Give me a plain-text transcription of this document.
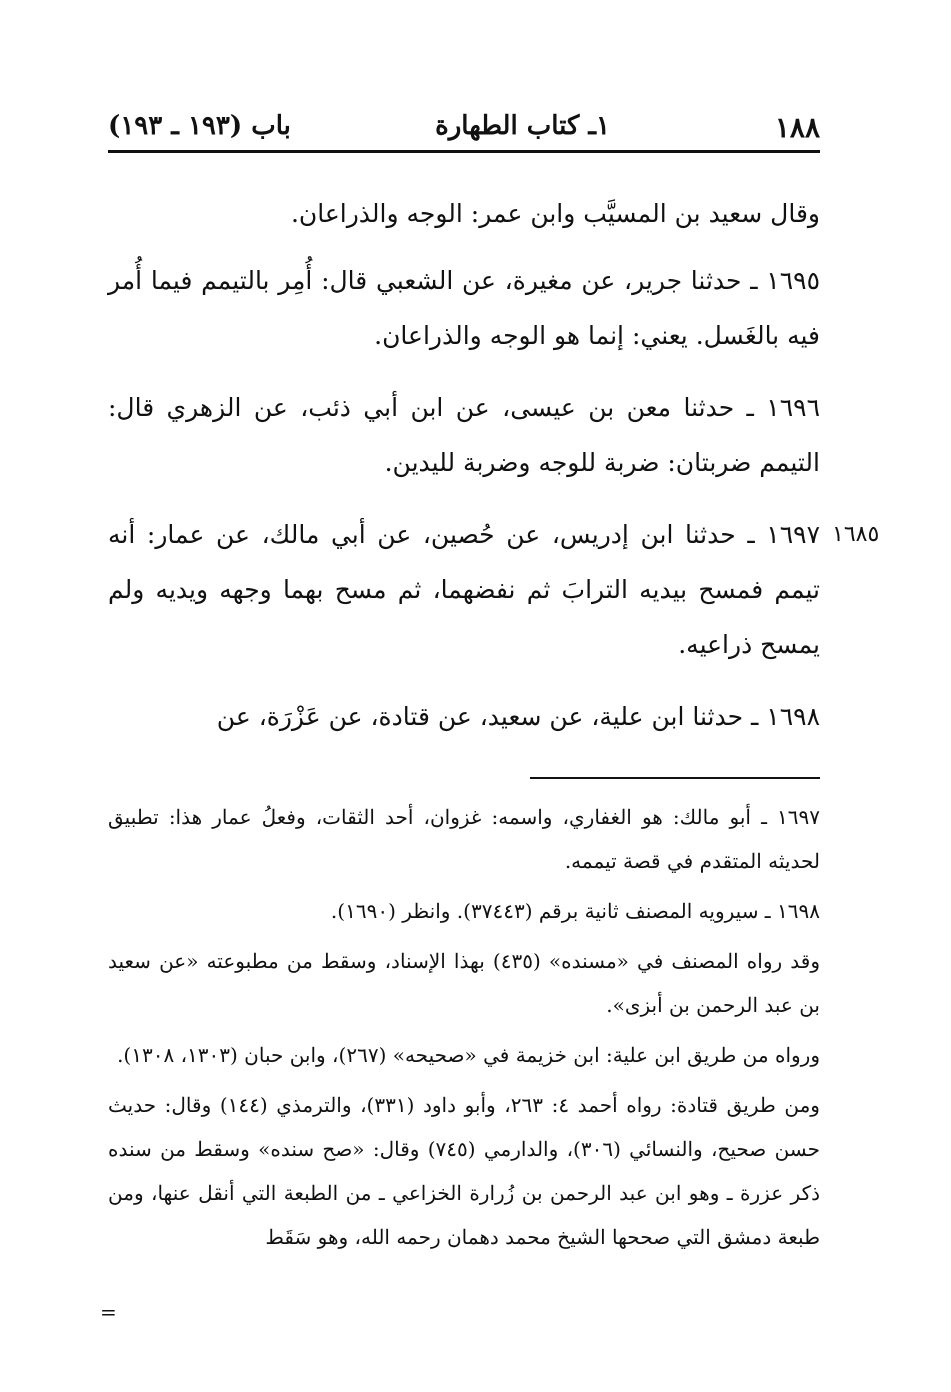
١٨٨
١ـ كتاب الطهارة
باب (١٩٣ ـ ١٩٣)
١٦٨٥

وقال سعيد بن المسيَّب وابن عمر: الوجه والذراعان.

١٦٩٥ ـ حدثنا جرير، عن مغيرة، عن الشعبي قال: أُمِر بالتيمم فيما أُمر فيه بالغَسل. يعني: إنما هو الوجه والذراعان.

١٦٩٦ ـ حدثنا معن بن عيسى، عن ابن أبي ذئب، عن الزهري قال: التيمم ضربتان: ضربة للوجه وضربة لليدين.

١٦٩٧ ـ حدثنا ابن إدريس، عن حُصين، عن أبي مالك، عن عمار: أنه تيمم فمسح بيديه الترابَ ثم نفضهما، ثم مسح بهما وجهه ويديه ولم يمسح ذراعيه.

١٦٩٨ ـ حدثنا ابن علية، عن سعيد، عن قتادة، عن عَزْرَة، عن

١٦٩٧ ـ أبو مالك: هو الغفاري، واسمه: غزوان، أحد الثقات، وفعلُ عمار هذا: تطبيق لحديثه المتقدم في قصة تيممه.

١٦٩٨ ـ سيرويه المصنف ثانية برقم (٣٧٤٤٣). وانظر (١٦٩٠).

وقد رواه المصنف في «مسنده» (٤٣٥) بهذا الإسناد، وسقط من مطبوعته «عن سعيد بن عبد الرحمن بن أبزى».

ورواه من طريق ابن علية: ابن خزيمة في «صحيحه» (٢٦٧)، وابن حبان (١٣٠٣، ١٣٠٨).

ومن طريق قتادة: رواه أحمد ٤: ٢٦٣، وأبو داود (٣٣١)، والترمذي (١٤٤) وقال: حديث حسن صحيح، والنسائي (٣٠٦)، والدارمي (٧٤٥) وقال: «صح سنده» وسقط من سنده ذكر عزرة ـ وهو ابن عبد الرحمن بن زُرارة الخزاعي ـ من الطبعة التي أنقل عنها، ومن طبعة دمشق التي صححها الشيخ محمد دهمان رحمه الله، وهو سَقَط

=
